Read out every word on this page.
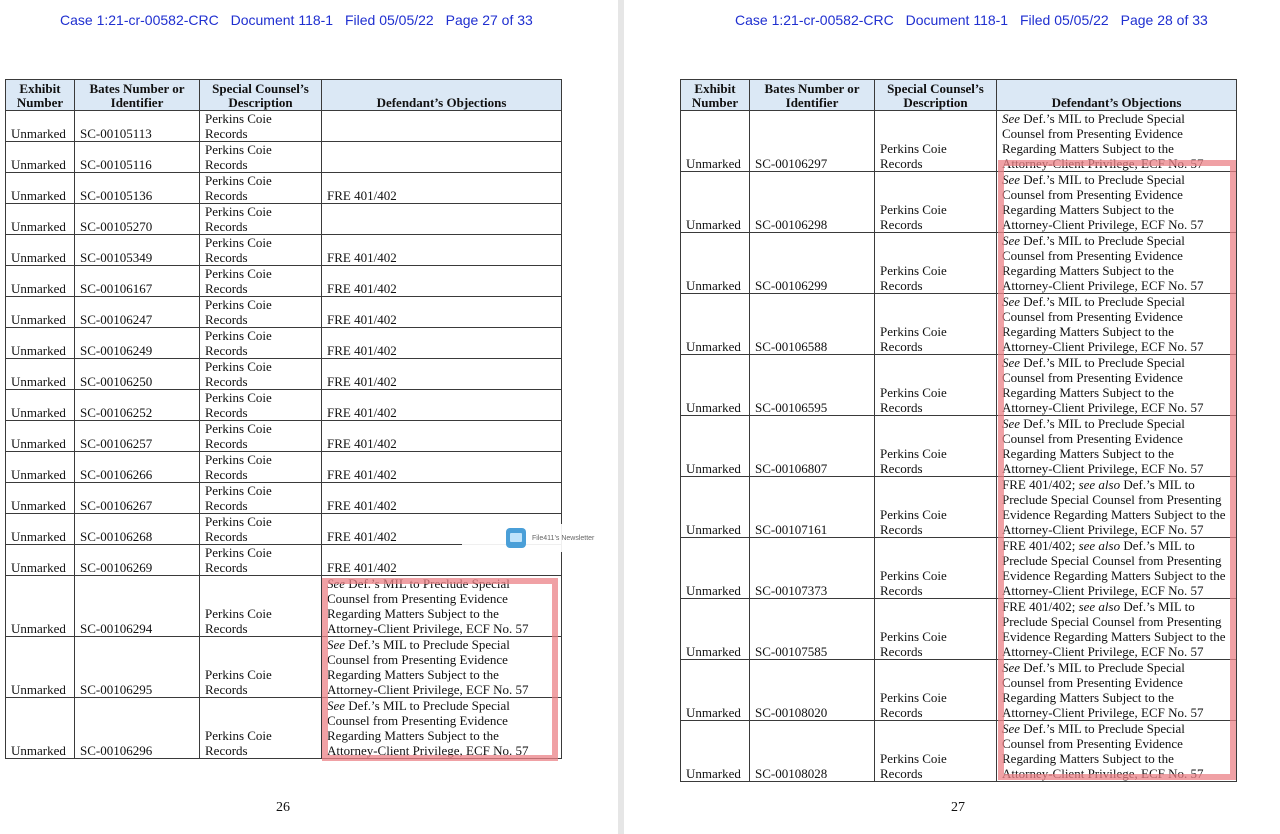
Case 1:21-cr-00582-CRC Document 118-1 Filed 05/05/22 Page 27 of 33
Exhibit Number	Bates Number or Identifier	Special Counsel’s Description	Defendant’s Objections
Unmarked	SC-00105113	Perkins Coie Records	
Unmarked	SC-00105116	Perkins Coie Records	
Unmarked	SC-00105136	Perkins Coie Records	FRE 401/402
Unmarked	SC-00105270	Perkins Coie Records	
Unmarked	SC-00105349	Perkins Coie Records	FRE 401/402
Unmarked	SC-00106167	Perkins Coie Records	FRE 401/402
Unmarked	SC-00106247	Perkins Coie Records	FRE 401/402
Unmarked	SC-00106249	Perkins Coie Records	FRE 401/402
Unmarked	SC-00106250	Perkins Coie Records	FRE 401/402
Unmarked	SC-00106252	Perkins Coie Records	FRE 401/402
Unmarked	SC-00106257	Perkins Coie Records	FRE 401/402
Unmarked	SC-00106266	Perkins Coie Records	FRE 401/402
Unmarked	SC-00106267	Perkins Coie Records	FRE 401/402
Unmarked	SC-00106268	Perkins Coie Records	FRE 401/402
Unmarked	SC-00106269	Perkins Coie Records	FRE 401/402
Unmarked	SC-00106294	Perkins Coie Records	See Def.’s MIL to Preclude Special
Counsel from Presenting Evidence
Regarding Matters Subject to the
Attorney-Client Privilege, ECF No. 57

Unmarked	SC-00106295	Perkins Coie Records	See Def.’s MIL to Preclude Special
Counsel from Presenting Evidence
Regarding Matters Subject to the
Attorney-Client Privilege, ECF No. 57

Unmarked	SC-00106296	Perkins Coie Records	See Def.’s MIL to Preclude Special
Counsel from Presenting Evidence
Regarding Matters Subject to the
Attorney-Client Privilege, ECF No. 57
File411’s Newsletter
26
Case 1:21-cr-00582-CRC Document 118-1 Filed 05/05/22 Page 28 of 33
Exhibit Number	Bates Number or Identifier	Special Counsel’s Description	Defendant’s Objections
Unmarked	SC-00106297	Perkins Coie Records	See Def.’s MIL to Preclude Special
Counsel from Presenting Evidence
Regarding Matters Subject to the
Attorney-Client Privilege, ECF No. 57

Unmarked	SC-00106298	Perkins Coie Records	See Def.’s MIL to Preclude Special
Counsel from Presenting Evidence
Regarding Matters Subject to the
Attorney-Client Privilege, ECF No. 57

Unmarked	SC-00106299	Perkins Coie Records	See Def.’s MIL to Preclude Special
Counsel from Presenting Evidence
Regarding Matters Subject to the
Attorney-Client Privilege, ECF No. 57

Unmarked	SC-00106588	Perkins Coie Records	See Def.’s MIL to Preclude Special
Counsel from Presenting Evidence
Regarding Matters Subject to the
Attorney-Client Privilege, ECF No. 57

Unmarked	SC-00106595	Perkins Coie Records	See Def.’s MIL to Preclude Special
Counsel from Presenting Evidence
Regarding Matters Subject to the
Attorney-Client Privilege, ECF No. 57

Unmarked	SC-00106807	Perkins Coie Records	See Def.’s MIL to Preclude Special
Counsel from Presenting Evidence
Regarding Matters Subject to the
Attorney-Client Privilege, ECF No. 57

Unmarked	SC-00107161	Perkins Coie Records	FRE 401/402; see also Def.’s MIL to
Preclude Special Counsel from Presenting
Evidence Regarding Matters Subject to the
Attorney-Client Privilege, ECF No. 57

Unmarked	SC-00107373	Perkins Coie Records	FRE 401/402; see also Def.’s MIL to
Preclude Special Counsel from Presenting
Evidence Regarding Matters Subject to the
Attorney-Client Privilege, ECF No. 57

Unmarked	SC-00107585	Perkins Coie Records	FRE 401/402; see also Def.’s MIL to
Preclude Special Counsel from Presenting
Evidence Regarding Matters Subject to the
Attorney-Client Privilege, ECF No. 57

Unmarked	SC-00108020	Perkins Coie Records	See Def.’s MIL to Preclude Special
Counsel from Presenting Evidence
Regarding Matters Subject to the
Attorney-Client Privilege, ECF No. 57

Unmarked	SC-00108028	Perkins Coie Records	See Def.’s MIL to Preclude Special
Counsel from Presenting Evidence
Regarding Matters Subject to the
Attorney-Client Privilege, ECF No. 57
27
